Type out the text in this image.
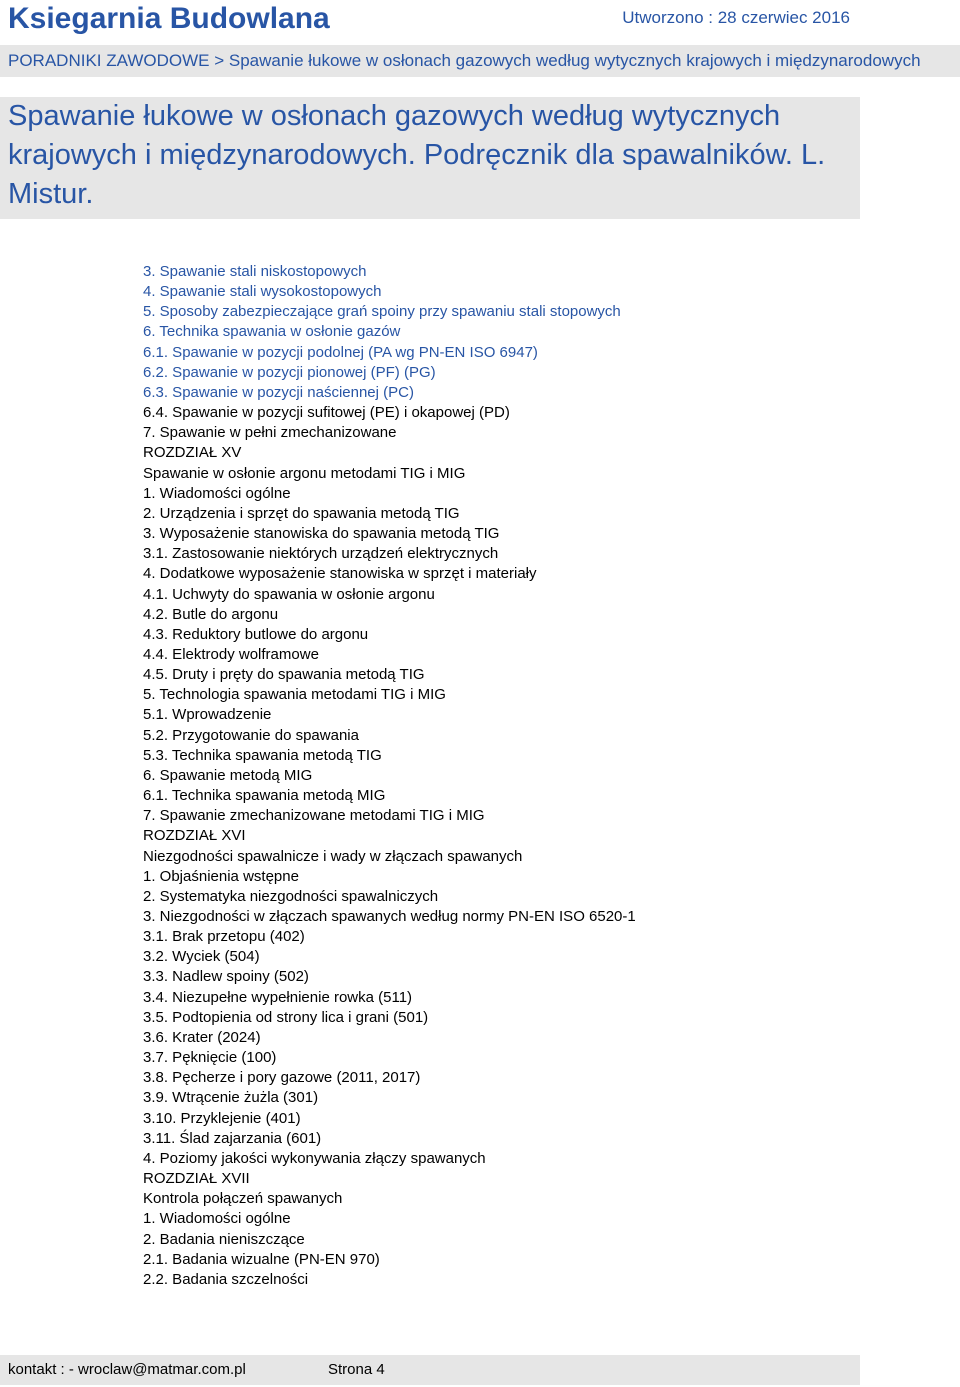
Ksiegarnia Budowlana	Utworzono : 28 czerwiec 2016
PORADNIKI ZAWODOWE > Spawanie łukowe w osłonach gazowych według wytycznych krajowych i międzynarodowych
Spawanie łukowe w osłonach gazowych według wytycznych krajowych i międzynarodowych. Podręcznik dla spawalników. L. Mistur.
3. Spawanie stali niskostopowych
4. Spawanie stali wysokostopowych
5. Sposoby zabezpieczające grań spoiny przy spawaniu stali stopowych
6. Technika spawania w osłonie gazów
6.1. Spawanie w pozycji podolnej (PA wg PN-EN ISO 6947)
6.2. Spawanie w pozycji pionowej (PF) (PG)
6.3. Spawanie w pozycji naściennej (PC)
6.4. Spawanie w pozycji sufitowej (PE) i okapowej (PD)
7. Spawanie w pełni zmechanizowane
ROZDZIAŁ XV
Spawanie w osłonie argonu metodami TIG i MIG
1. Wiadomości ogólne
2. Urządzenia i sprzęt do spawania metodą TIG
3. Wyposażenie stanowiska do spawania metodą TIG
3.1. Zastosowanie niektórych urządzeń elektrycznych
4. Dodatkowe wyposażenie stanowiska w sprzęt i materiały
4.1. Uchwyty do spawania w osłonie argonu
4.2. Butle do argonu
4.3. Reduktory butlowe do argonu
4.4. Elektrody wolframowe
4.5. Druty i pręty do spawania metodą TIG
5. Technologia spawania metodami TIG i MIG
5.1. Wprowadzenie
5.2. Przygotowanie do spawania
5.3. Technika spawania metodą TIG
6. Spawanie metodą MIG
6.1. Technika spawania metodą MIG
7. Spawanie zmechanizowane metodami TIG i MIG
ROZDZIAŁ XVI
Niezgodności spawalnicze i wady w złączach spawanych
1. Objaśnienia wstępne
2. Systematyka niezgodności spawalniczych
3. Niezgodności w złączach spawanych według normy PN-EN ISO 6520-1
3.1. Brak przetopu (402)
3.2. Wyciek (504)
3.3. Nadlew spoiny (502)
3.4. Niezupełne wypełnienie rowka (511)
3.5. Podtopienia od strony lica i grani (501)
3.6. Krater (2024)
3.7. Pęknięcie (100)
3.8. Pęcherze i pory gazowe (2011, 2017)
3.9. Wtrącenie żużla (301)
3.10. Przyklejenie (401)
3.11. Ślad zajarzania (601)
4. Poziomy jakości wykonywania złączy spawanych
ROZDZIAŁ XVII
Kontrola połączeń spawanych
1. Wiadomości ogólne
2. Badania nieniszczące
2.1. Badania wizualne (PN-EN 970)
2.2. Badania szczelności
kontakt : - wroclaw@matmar.com.pl	Strona 4
